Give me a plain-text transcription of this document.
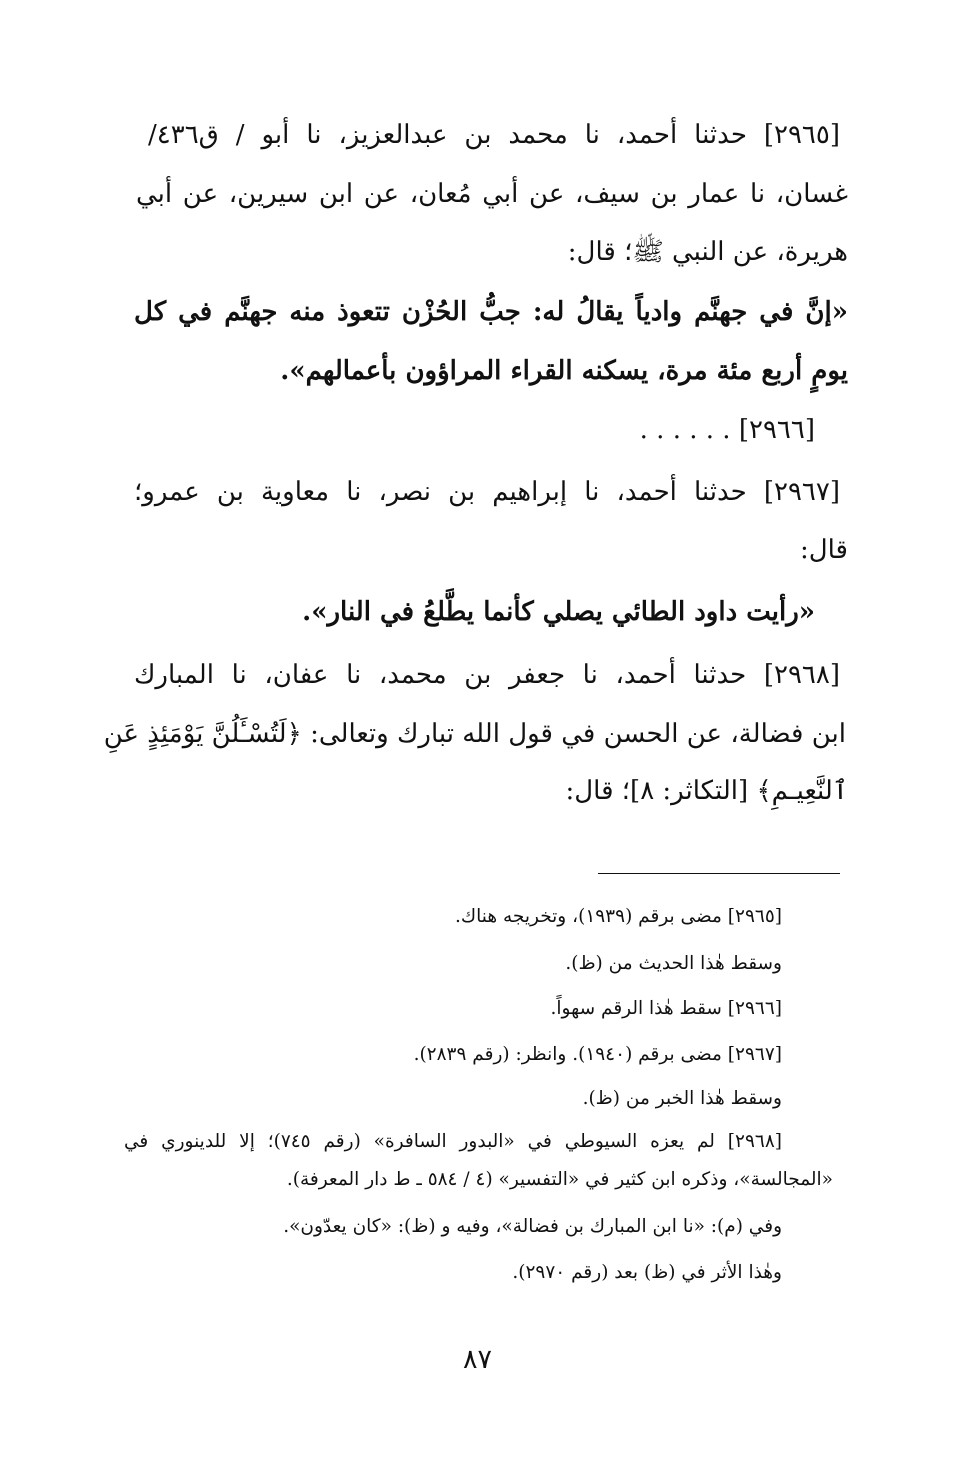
[٢٩٦٥] حدثنا أحمد، نا محمد بن عبدالعزيز، نا أبو / ق٤٣٦/
غسان، نا عمار بن سيف، عن أبي مُعان، عن ابن سيرين، عن أبي
هريرة، عن النبي ﷺ؛ قال:
«إنَّ في جهنَّم وادياً يقالُ له: جبُّ الحُزْن تتعوذ منه جهنَّم في كل
يومٍ أربع مئة مرة، يسكنه القراء المراؤون بأعمالهم».
[٢٩٦٦] . . . . . .
[٢٩٦٧] حدثنا أحمد، نا إبراهيم بن نصر، نا معاوية بن عمرو؛
قال:
«رأيت داود الطائي يصلي كأنما يطَّلعُ في النار».
[٢٩٦٨] حدثنا أحمد، نا جعفر بن محمد، نا عفان، نا المبارك
ابن فضالة، عن الحسن في قول الله تبارك وتعالى: ﴿لَتُسْـَٔلُنَّ يَوْمَئِذٍ عَنِ
ٱلنَّعِيـمِ﴾ [التكاثر: ٨]؛ قال:
[٢٩٦٥] مضى برقم (١٩٣٩)، وتخريجه هناك.
وسقط هٰذا الحديث من (ظ).
[٢٩٦٦] سقط هٰذا الرقم سهواً.
[٢٩٦٧] مضى برقم (١٩٤٠). وانظر: (رقم ٢٨٣٩).
وسقط هٰذا الخبر من (ظ).
[٢٩٦٨] لم يعزه السيوطي في «البدور السافرة» (رقم ٧٤٥)؛ إلا للدينوري في
«المجالسة»، وذكره ابن كثير في «التفسير» (٤ / ٥٨٤ ـ ط دار المعرفة).
وفي (م): «نا ابن المبارك بن فضالة»، وفيه و (ظ): «كان يعدّون».
وهٰذا الأثر في (ظ) بعد (رقم ٢٩٧٠).
٨٧
